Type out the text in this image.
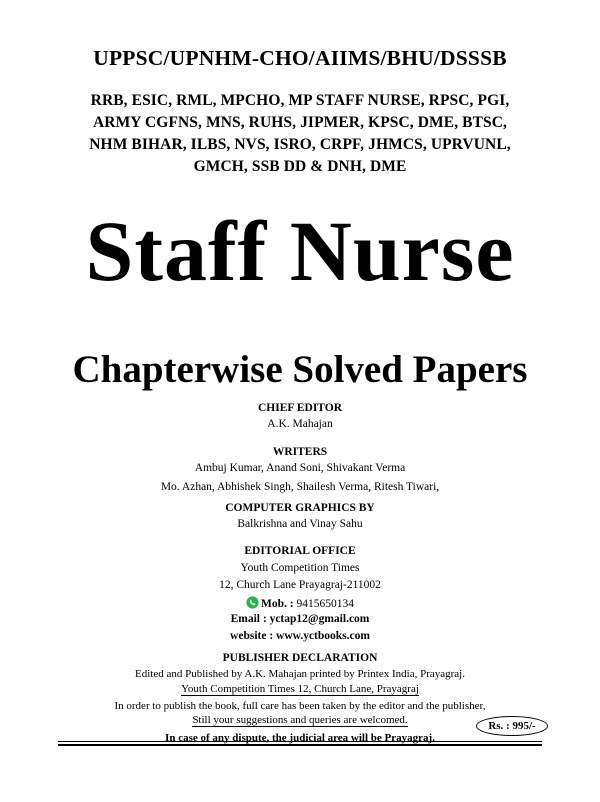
UPPSC/UPNHM-CHO/AIIMS/BHU/DSSSB
RRB, ESIC, RML, MPCHO, MP STAFF NURSE, RPSC, PGI,
ARMY CGFNS, MNS, RUHS, JIPMER, KPSC, DME, BTSC,
NHM BIHAR, ILBS, NVS, ISRO, CRPF, JHMCS, UPRVUNL,
GMCH, SSB DD & DNH, DME
Staff Nurse
Chapterwise Solved Papers
CHIEF EDITOR
A.K. Mahajan
WRITERS
Ambuj Kumar, Anand Soni, Shivakant Verma
Mo. Azhan, Abhishek Singh, Shailesh Verma, Ritesh Tiwari,
COMPUTER GRAPHICS BY
Balkrishna and Vinay Sahu
EDITORIAL OFFICE
Youth Competition Times
12, Church Lane Prayagraj-211002
Mob. : 9415650134
Email : yctap12@gmail.com
website : www.yctbooks.com
PUBLISHER DECLARATION
Edited and Published by A.K. Mahajan printed by Printex India, Prayagraj.
Youth Competition Times 12, Church Lane, Prayagraj
In order to publish the book, full care has been taken by the editor and the publisher,
Still your suggestions and queries are welcomed.
In case of any dispute, the judicial area will be Prayagraj.
Rs. : 995/-
